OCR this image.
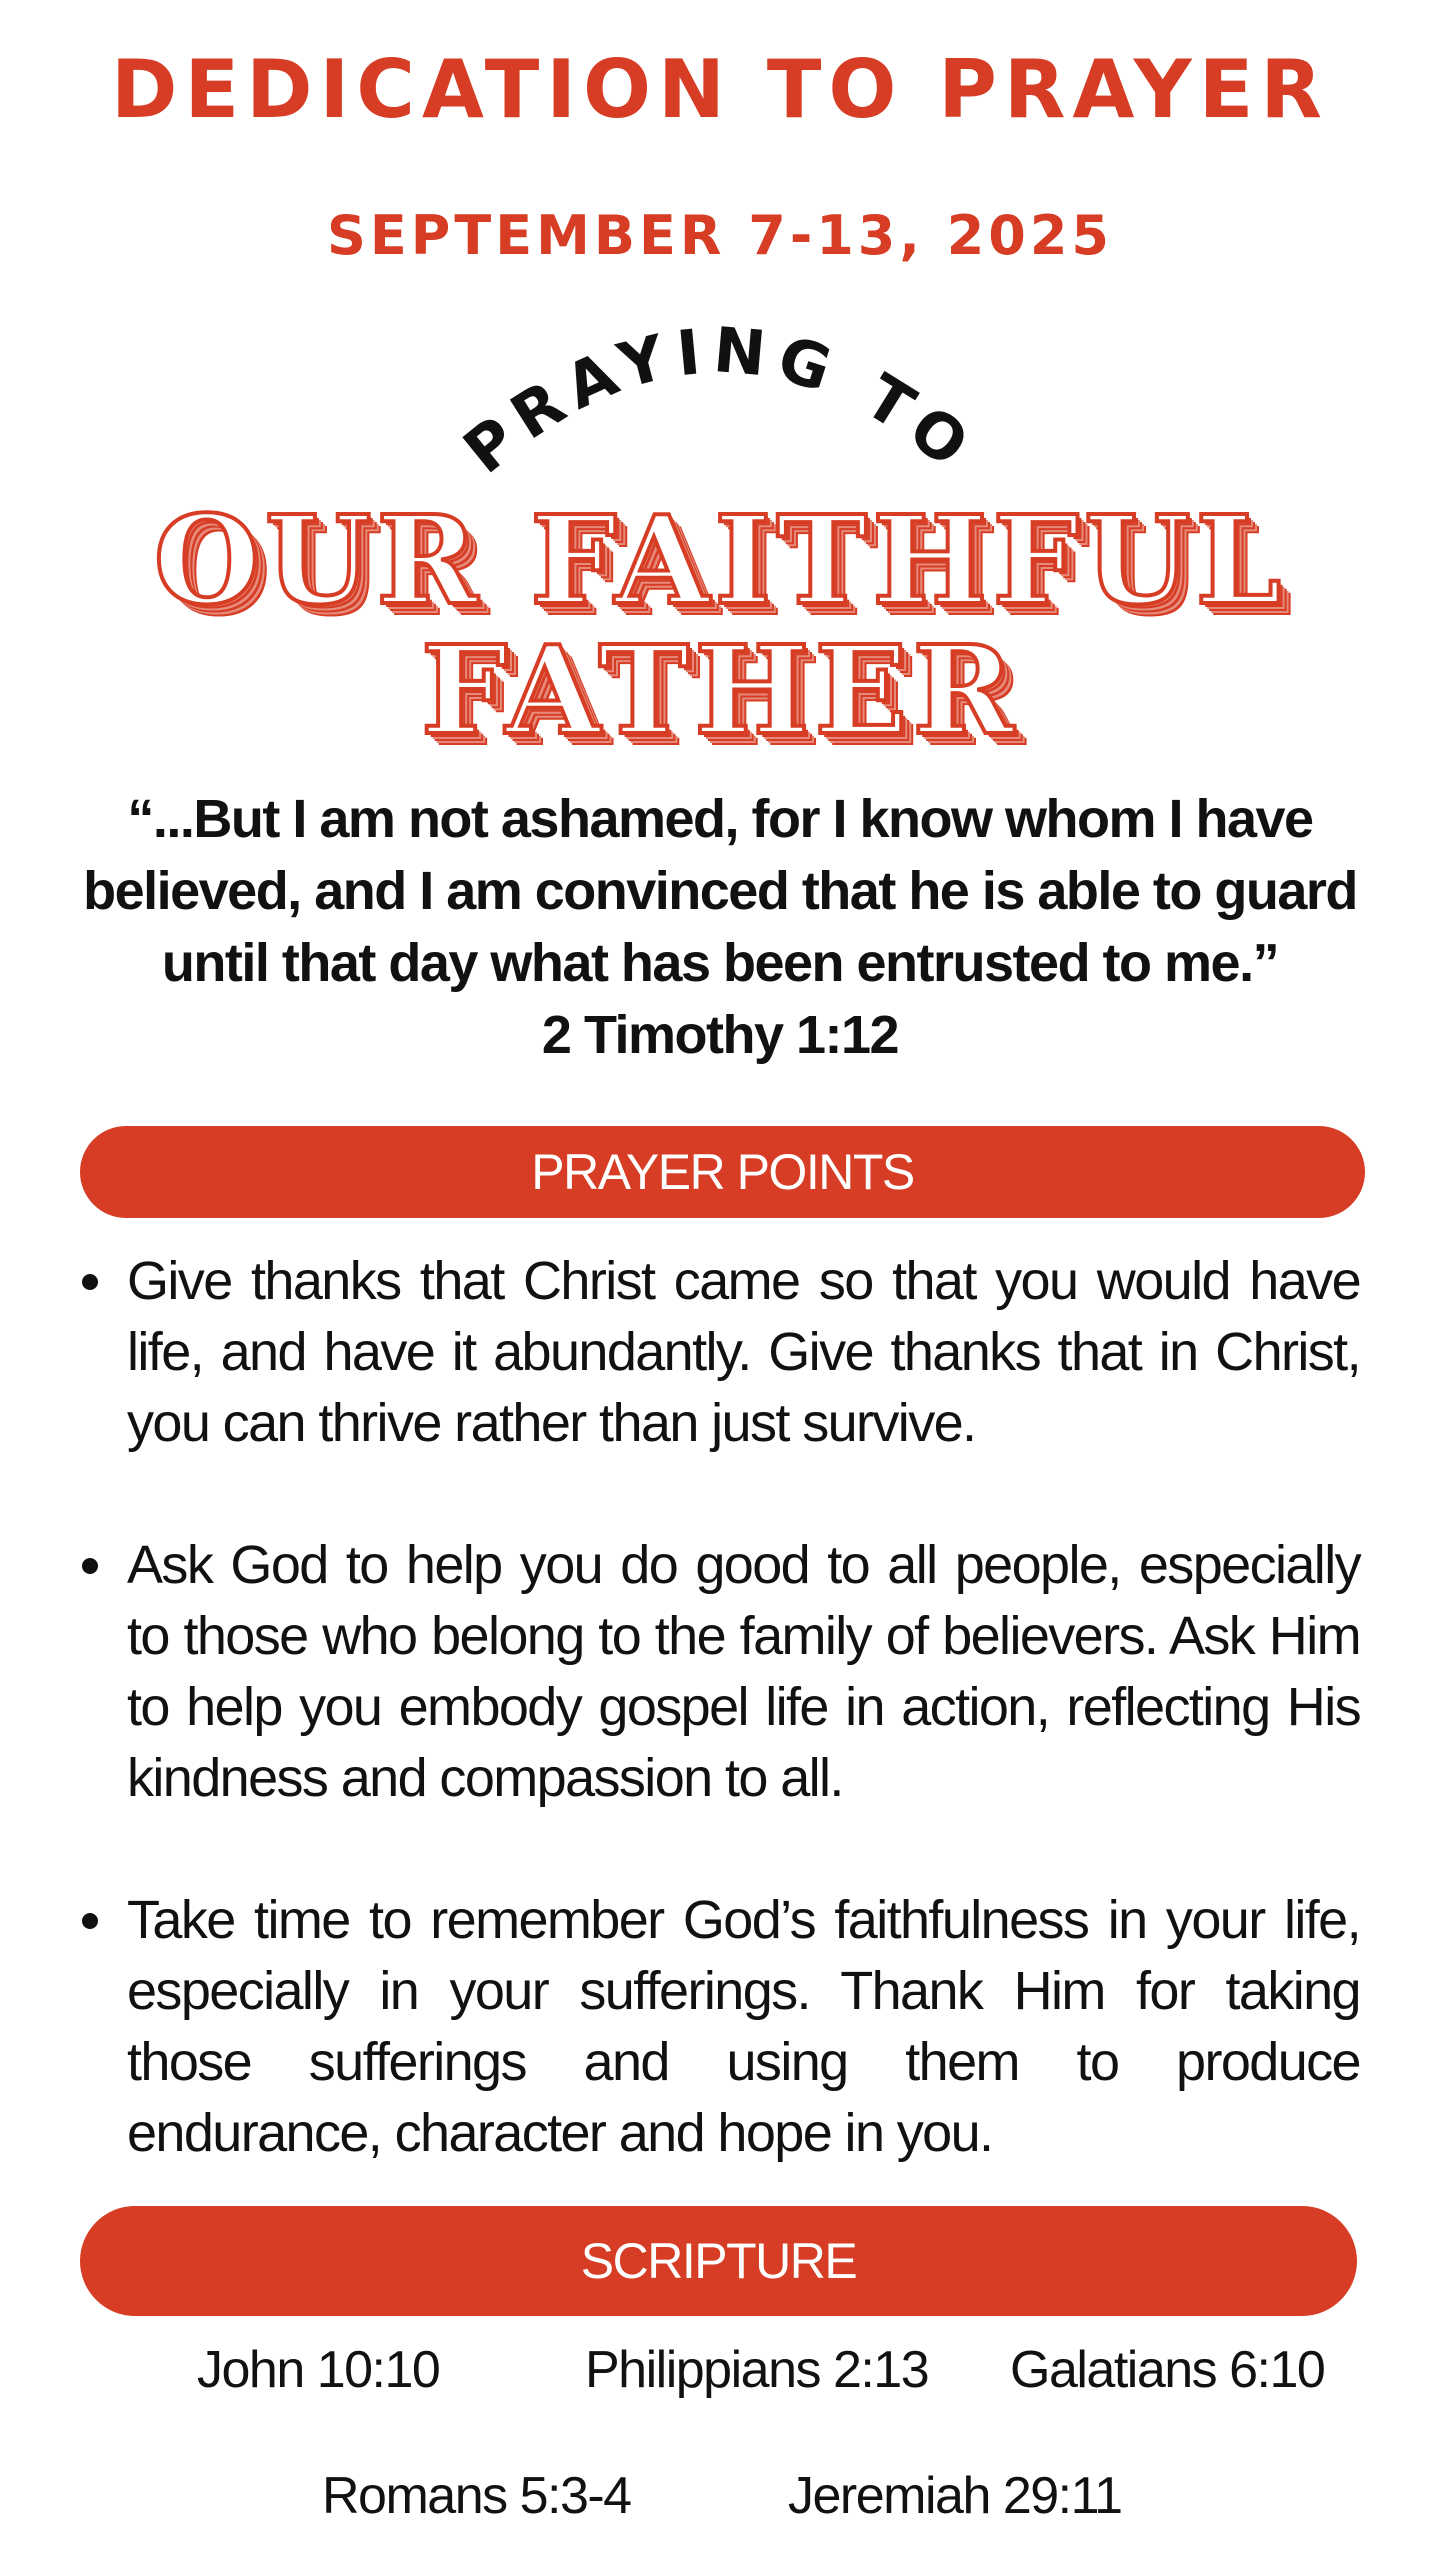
DEDICATION TO PRAYER
SEPTEMBER 7-13, 2025
PRAYING TO
OUR FAITHFUL
FATHER
“...But I am not ashamed, for I know whom I have believed, and I am convinced that he is able to guard until that day what has been entrusted to me.”
2 Timothy 1:12
PRAYER POINTS
Give thanks that Christ came so that you would have life, and have it abundantly. Give thanks that in Christ, you can thrive rather than just survive.
Ask God to help you do good to all people, especially to those who belong to the family of believers. Ask Him to help you embody gospel life in action, reflecting His kindness and compassion to all.
Take time to remember God’s faithfulness in your life, especially in your sufferings. Thank Him for taking those sufferings and using them to produce endurance, character and hope in you.
SCRIPTURE
John 10:10	Philippians 2:13 Galatians 6:10
Romans 5:3-4	Jeremiah 29:11
